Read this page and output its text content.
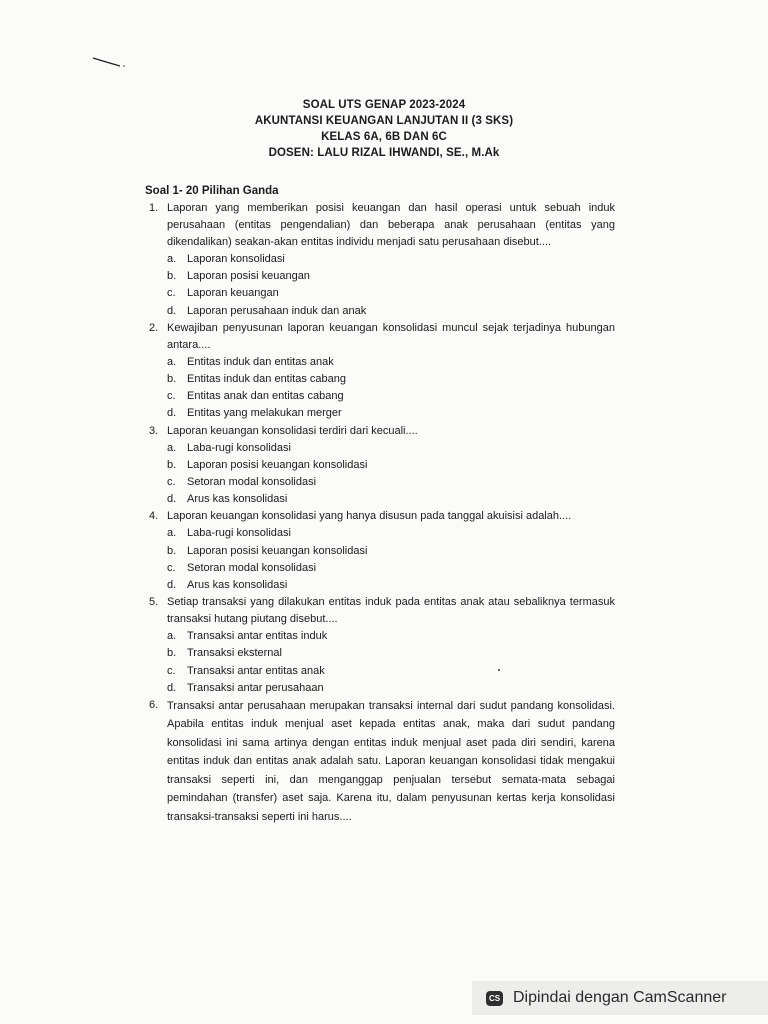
SOAL UTS GENAP 2023-2024
AKUNTANSI KEUANGAN LANJUTAN II (3 SKS)
KELAS 6A, 6B DAN 6C
DOSEN: LALU RIZAL IHWANDI, SE., M.Ak
Soal 1- 20 Pilihan Ganda
1. Laporan yang memberikan posisi keuangan dan hasil operasi untuk sebuah induk perusahaan (entitas pengendalian) dan beberapa anak perusahaan (entitas yang dikendalikan) seakan-akan entitas individu menjadi satu perusahaan disebut....
a. Laporan konsolidasi
b. Laporan posisi keuangan
c. Laporan keuangan
d. Laporan perusahaan induk dan anak
2. Kewajiban penyusunan laporan keuangan konsolidasi muncul sejak terjadinya hubungan antara....
a. Entitas induk dan entitas anak
b. Entitas induk dan entitas cabang
c. Entitas anak dan entitas cabang
d. Entitas yang melakukan merger
3. Laporan keuangan konsolidasi terdiri dari kecuali....
a. Laba-rugi konsolidasi
b. Laporan posisi keuangan konsolidasi
c. Setoran modal konsolidasi
d. Arus kas konsolidasi
4. Laporan keuangan konsolidasi yang hanya disusun pada tanggal akuisisi adalah....
a. Laba-rugi konsolidasi
b. Laporan posisi keuangan konsolidasi
c. Setoran modal konsolidasi
d. Arus kas konsolidasi
5. Setiap transaksi yang dilakukan entitas induk pada entitas anak atau sebaliknya termasuk transaksi hutang piutang disebut....
a. Transaksi antar entitas induk
b. Transaksi eksternal
c. Transaksi antar entitas anak
d. Transaksi antar perusahaan
6. Transaksi antar perusahaan merupakan transaksi internal dari sudut pandang konsolidasi. Apabila entitas induk menjual aset kepada entitas anak, maka dari sudut pandang konsolidasi ini sama artinya dengan entitas induk menjual aset pada diri sendiri, karena entitas induk dan entitas anak adalah satu. Laporan keuangan konsolidasi tidak mengakui transaksi seperti ini, dan menganggap penjualan tersebut semata-mata sebagai pemindahan (transfer) aset saja. Karena itu, dalam penyusunan kertas kerja konsolidasi transaksi-transaksi seperti ini harus....
CS Dipindai dengan CamScanner
